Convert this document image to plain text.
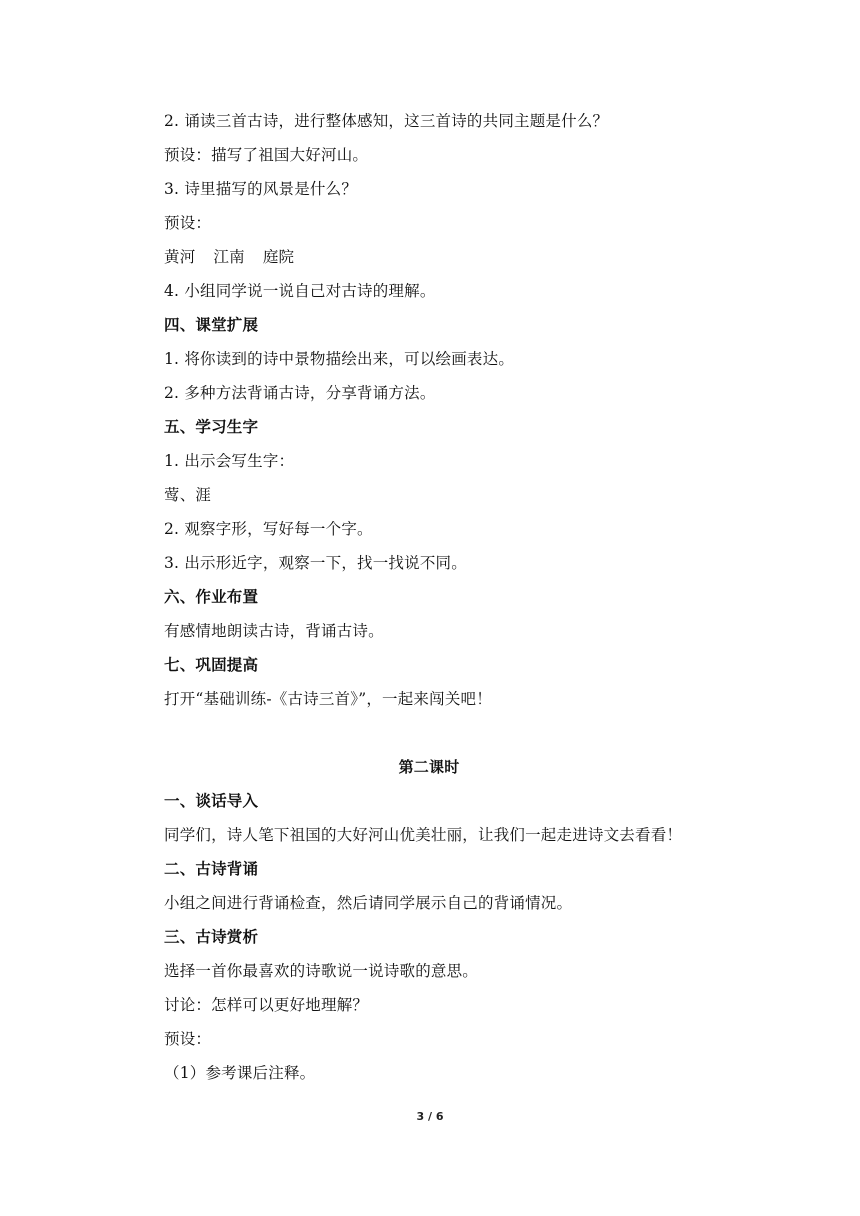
2. 诵读三首古诗，进行整体感知，这三首诗的共同主题是什么？
预设：描写了祖国大好河山。
3. 诗里描写的风景是什么？
预设：
黄河 江南 庭院
4. 小组同学说一说自己对古诗的理解。
四、课堂扩展
1. 将你读到的诗中景物描绘出来，可以绘画表达。
2. 多种方法背诵古诗，分享背诵方法。
五、学习生字
1. 出示会写生字：
莺、涯
2. 观察字形，写好每一个字。
3. 出示形近字，观察一下，找一找说不同。
六、作业布置
有感情地朗读古诗，背诵古诗。
七、巩固提高
打开“基础训练-《古诗三首》”，一起来闯关吧！
第二课时
一、谈话导入
同学们，诗人笔下祖国的大好河山优美壮丽，让我们一起走进诗文去看看！
二、古诗背诵
小组之间进行背诵检查，然后请同学展示自己的背诵情况。
三、古诗赏析
选择一首你最喜欢的诗歌说一说诗歌的意思。
讨论：怎样可以更好地理解？
预设：
（1）参考课后注释。
3 / 6
